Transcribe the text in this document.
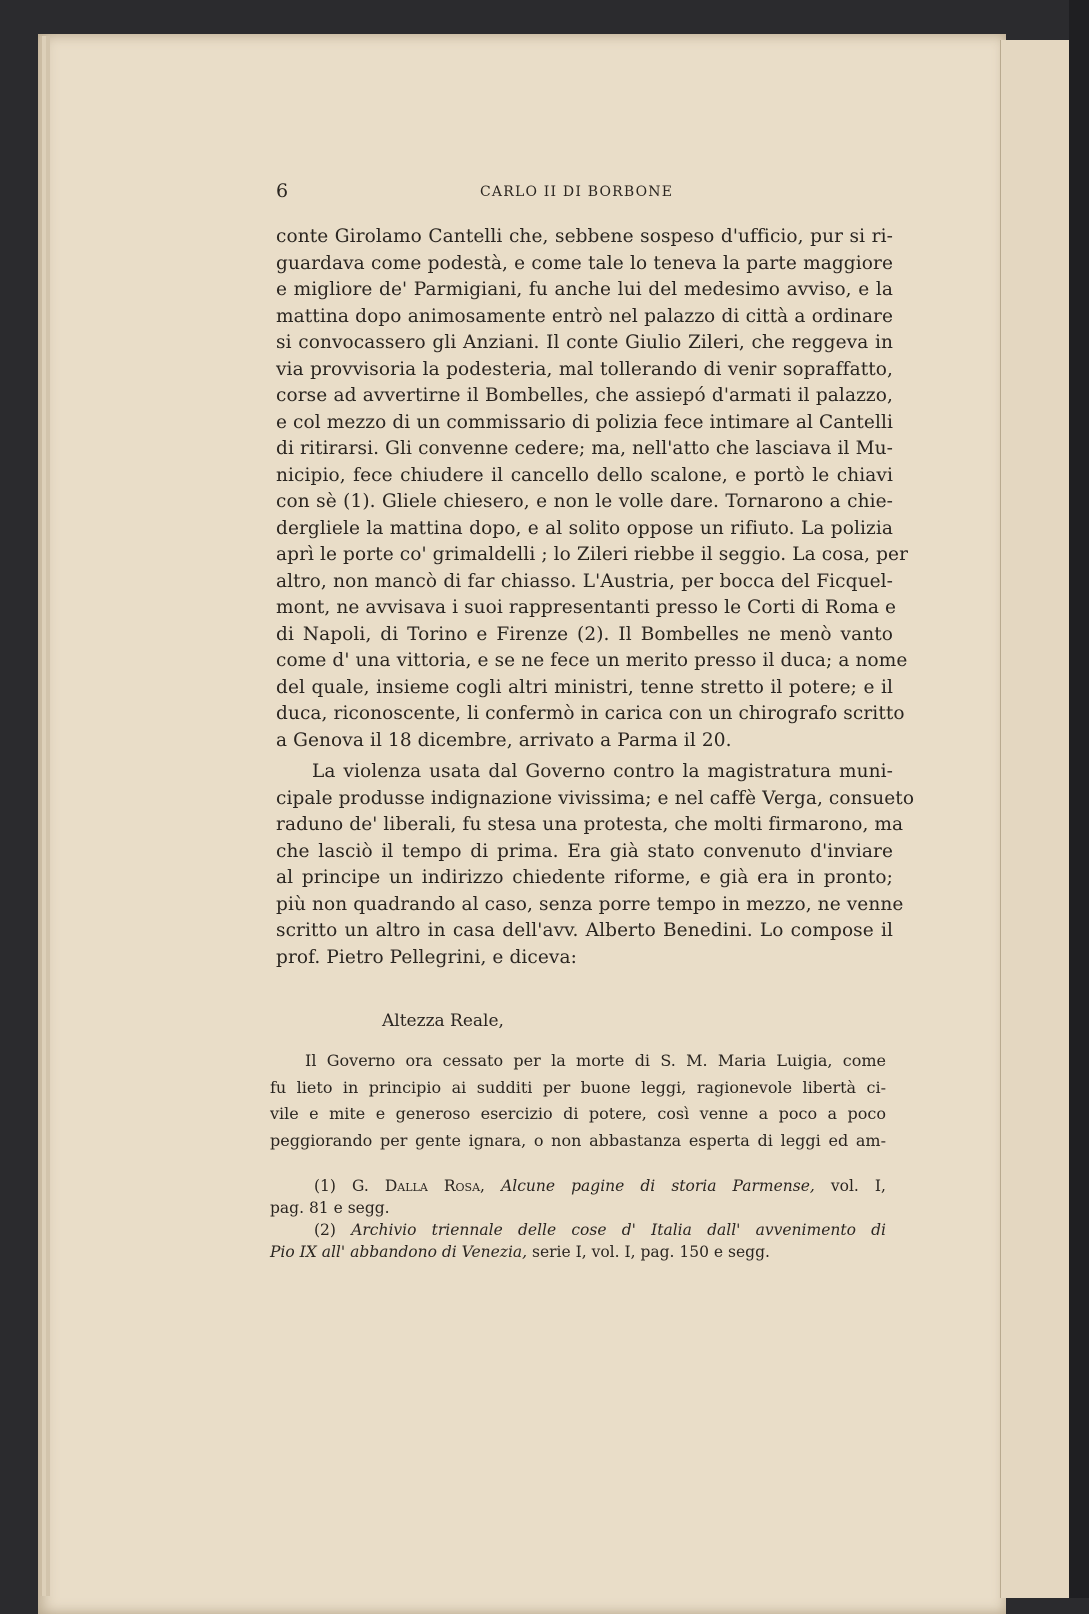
6	CARLO II DI BORBONE
conte Girolamo Cantelli che, sebbene sospeso d'ufficio, pur si ri-
guardava come podestà, e come tale lo teneva la parte maggiore
e migliore de' Parmigiani, fu anche lui del medesimo avviso, e la
mattina dopo animosamente entrò nel palazzo di città a ordinare
si convocassero gli Anziani. Il conte Giulio Zileri, che reggeva in
via provvisoria la podesteria, mal tollerando di venir sopraffatto,
corse ad avvertirne il Bombelles, che assiepó d'armati il palazzo,
e col mezzo di un commissario di polizia fece intimare al Cantelli
di ritirarsi. Gli convenne cedere; ma, nell'atto che lasciava il Mu-
nicipio, fece chiudere il cancello dello scalone, e portò le chiavi
con sè (1). Gliele chiesero, e non le volle dare. Tornarono a chie-
dergliele la mattina dopo, e al solito oppose un rifiuto. La polizia
aprì le porte co' grimaldelli ; lo Zileri riebbe il seggio. La cosa, per
altro, non mancò di far chiasso. L'Austria, per bocca del Ficquel-
mont, ne avvisava i suoi rappresentanti presso le Corti di Roma e
di Napoli, di Torino e Firenze (2). Il Bombelles ne menò vanto
come d' una vittoria, e se ne fece un merito presso il duca; a nome
del quale, insieme cogli altri ministri, tenne stretto il potere; e il
duca, riconoscente, li confermò in carica con un chirografo scritto
a Genova il 18 dicembre, arrivato a Parma il 20.
La violenza usata dal Governo contro la magistratura muni-
cipale produsse indignazione vivissima; e nel caffè Verga, consueto
raduno de' liberali, fu stesa una protesta, che molti firmarono, ma
che lasciò il tempo di prima. Era già stato convenuto d'inviare
al principe un indirizzo chiedente riforme, e già era in pronto;
più non quadrando al caso, senza porre tempo in mezzo, ne venne
scritto un altro in casa dell'avv. Alberto Benedini. Lo compose il
prof. Pietro Pellegrini, e diceva:
Altezza Reale,
Il Governo ora cessato per la morte di S. M. Maria Luigia, come
fu lieto in principio ai sudditi per buone leggi, ragionevole libertà ci-
vile e mite e generoso esercizio di potere, così venne a poco a poco
peggiorando per gente ignara, o non abbastanza esperta di leggi ed am-
(1) G. Dalla Rosa, Alcune pagine di storia Parmense, vol. I,
pag. 81 e segg.
(2) Archivio triennale delle cose d' Italia dall' avvenimento di
Pio IX all' abbandono di Venezia, serie I, vol. I, pag. 150 e segg.
